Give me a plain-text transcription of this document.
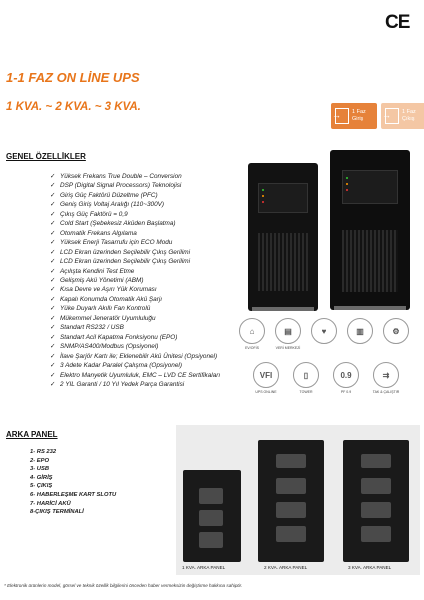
CE
1-1 FAZ ON LİNE UPS
1 KVA. ~ 2 KVA. ~ 3 KVA.
→	1 Faz
Giriş
→
1 Faz
Çıkış
GENEL ÖZELLİKLER
✓ Yüksek Frekans True Double – Conversion
✓ DSP (Digital Signal Processors) Teknolojisi
✓ Giriş Güç Faktörü Düzeltme (PFC)
✓ Geniş Giriş Voltaj Aralığı (110~300V)
✓ Çıkış Güç Faktörü = 0,9
✓ Cold Start (Şebekesiz Aküden Başlatma)
✓ Otomatik Frekans Algılama
✓ Yüksek Enerji Tasarrufu için ECO Modu
✓ LCD Ekran üzerinden Seçilebilir Çıkış Gerilimi
✓ LCD Ekran üzerinden Seçilebilir Çıkış Gerilimi
✓ Açılışta Kendini Test Etme
✓ Gelişmiş Akü Yönetimi (ABM)
✓ Kısa Devre ve Aşırı Yük Koruması
✓ Kapalı Konumda Otomatik Akü Şarjı
✓ Yüke Duyarlı Akıllı Fan Kontrolü
✓ Mükemmel Jeneratör Uyumluluğu
✓ Standart RS232 / USB
✓ Standart Acil Kapatma Fonksiyonu (EPO)
✓ SNMP/AS400/Modbus (Opsiyonel)
✓ İlave Şarjör Kartı ile; Eklenebilir Akü Ünitesi (Opsiyonel)
✓ 3 Adete Kadar Paralel Çalışma (Opsiyonel)
✓ Elektro Manyetik Uyumluluk, EMC – LVD CE Sertifikaları
✓ 2 YIL Garanti / 10 Yıl Yedek Parça Garantisi
⌂
EV/OFİS
▤
VERİ MERKEZİ
♥	▥	⚙
VFI
UPS ONLINE
▯
TOWER
0.9
PF 0.9
⇉
TAK & ÇALIŞTIR
ARKA PANEL
1- RS 232
2- EPO
3- USB
4- GİRİŞ
5- ÇIKIŞ
6- HABERLEŞME KART SLOTU
7- HARİCİ AKÜ
8-ÇIKIŞ TERMİNALİ
1 KVA. ARKA PANEL	2 KVA. ARKA PANEL	3 KVA. ARKA PANEL
* Elektronik ürünlerin model, görsel ve teknik özellik bilgilerini önceden haber vermeksizin değiştirme hakkına sahiptir.
